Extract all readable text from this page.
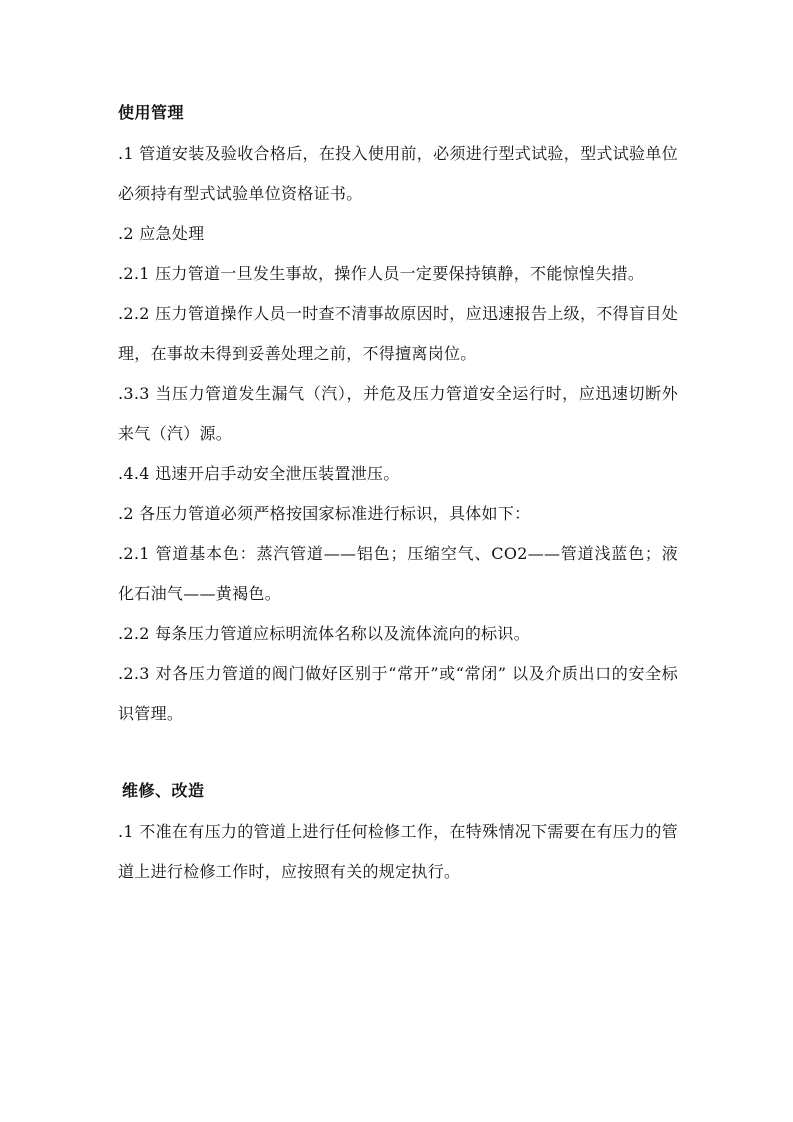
使用管理

.1 管道安装及验收合格后，在投入使用前，必须进行型式试验，型式试验单位必须持有型式试验单位资格证书。

.2 应急处理

.2.1 压力管道一旦发生事故，操作人员一定要保持镇静，不能惊惶失措。

.2.2 压力管道操作人员一时查不清事故原因时，应迅速报告上级，不得盲目处理，在事故未得到妥善处理之前，不得擅离岗位。

.3.3 当压力管道发生漏气（汽），并危及压力管道安全运行时，应迅速切断外来气（汽）源。

.4.4 迅速开启手动安全泄压装置泄压。

.2 各压力管道必须严格按国家标准进行标识，具体如下：

.2.1 管道基本色：蒸汽管道——铝色；压缩空气、CO2——管道浅蓝色；液化石油气——黄褐色。

.2.2 每条压力管道应标明流体名称以及流体流向的标识。

.2.3 对各压力管道的阀门做好区别于“常开”或“常闭” 以及介质出口的安全标识管理。

维修、改造

.1 不准在有压力的管道上进行任何检修工作，在特殊情况下需要在有压力的管道上进行检修工作时，应按照有关的规定执行。
